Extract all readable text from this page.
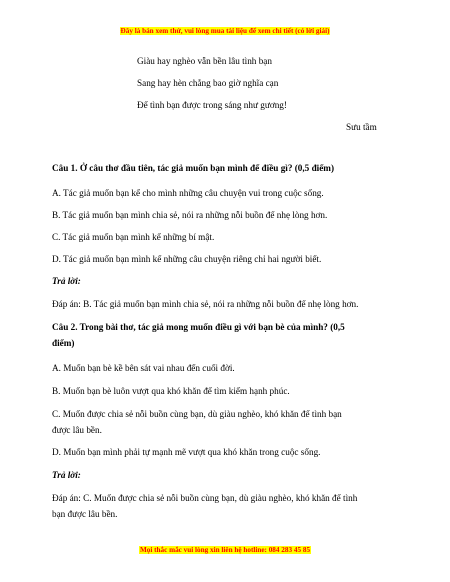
Đây là bản xem thử, vui lòng mua tài liệu để xem chi tiết (có lời giải)
Giàu hay nghèo vẫn bền lâu tình bạn
Sang hay hèn chẳng bao giờ nghĩa cạn
Để tình bạn được trong sáng như gương!
Sưu tầm
Câu 1. Ở câu thơ đầu tiên, tác giả muốn bạn mình để điều gì? (0,5 điểm)
A. Tác giả muốn bạn kể cho mình những câu chuyện vui trong cuộc sống.
B. Tác giả muốn bạn mình chia sẻ, nói ra những nỗi buồn để nhẹ lòng hơn.
C. Tác giả muốn bạn mình kể những bí mật.
D. Tác giả muốn bạn mình kể những câu chuyện riêng chỉ hai người biết.
Trả lời:
Đáp án: B. Tác giả muốn bạn mình chia sẻ, nói ra những nỗi buồn để nhẹ lòng hơn.
Câu 2. Trong bài thơ, tác giả mong muốn điều gì với bạn bè của mình? (0,5
điểm)
A. Muốn bạn bè kề bên sát vai nhau đến cuối đời.
B. Muốn bạn bè luôn vượt qua khó khăn để tìm kiếm hạnh phúc.
C. Muốn được chia sẻ nỗi buồn cùng bạn, dù giàu nghèo, khó khăn để tình bạn
được lâu bền.
D. Muốn bạn mình phải tự mạnh mẽ vượt qua khó khăn trong cuộc sống.
Trả lời:
Đáp án: C. Muốn được chia sẻ nỗi buồn cùng bạn, dù giàu nghèo, khó khăn để tình
bạn được lâu bền.
Mọi thắc mắc vui lòng xin liên hệ hotline: 084 283 45 85
